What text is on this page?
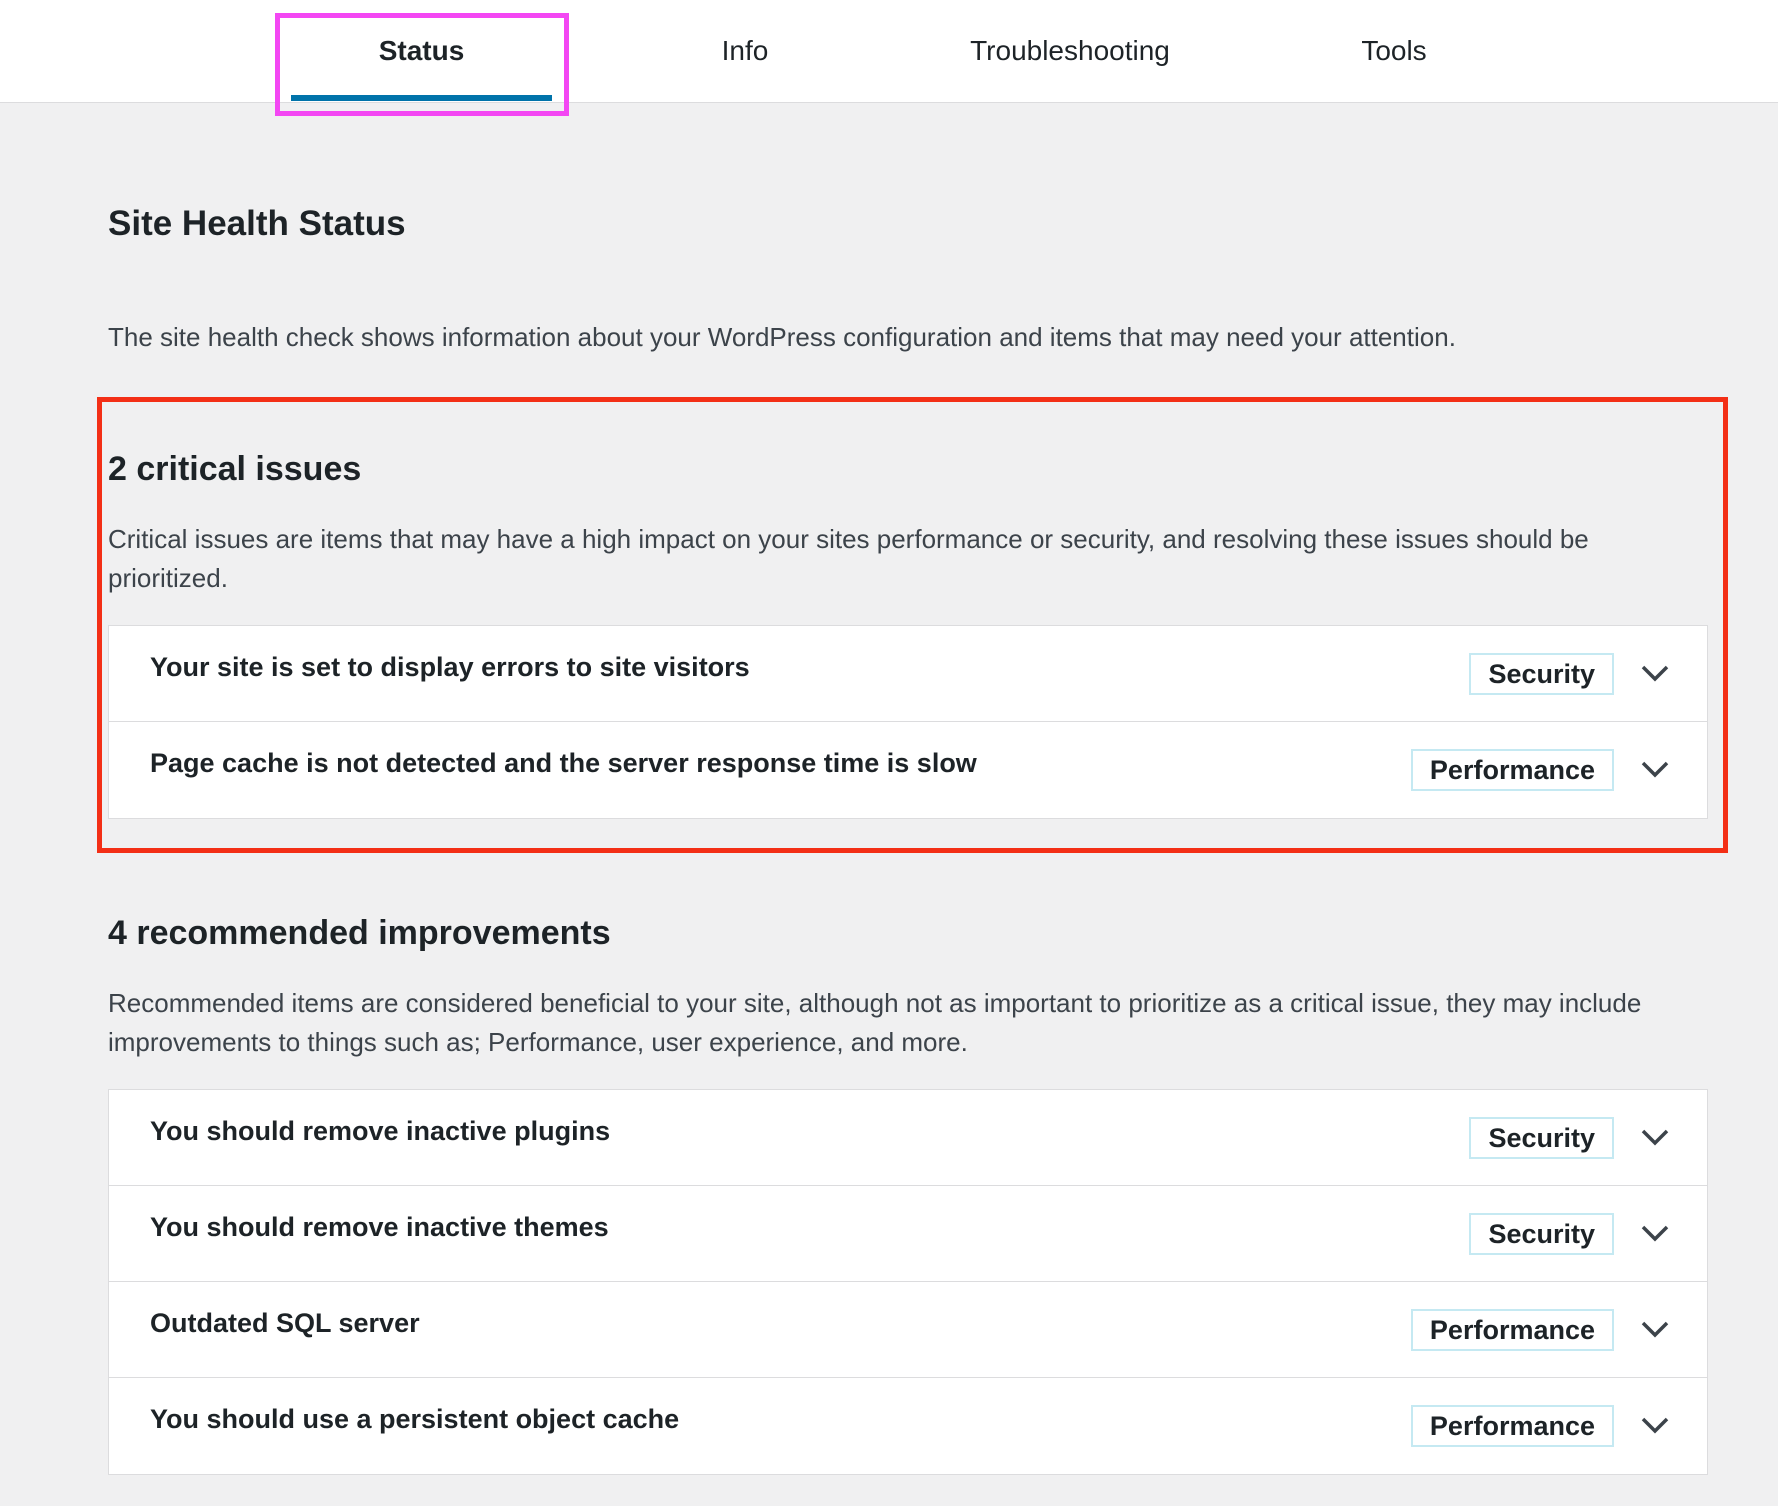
Status	Info	Troubleshooting	Tools
Site Health Status

The site health check shows information about your WordPress configuration and items that may need your attention.

2 critical issues

Critical issues are items that may have a high impact on your sites performance or security, and resolving these issues should be prioritized.

Your site is set to display errors to site visitors	Security
Page cache is not detected and the server response time is slow	Performance
4 recommended improvements

Recommended items are considered beneficial to your site, although not as important to prioritize as a critical issue, they may include improvements to things such as; Performance, user experience, and more.

You should remove inactive plugins	Security
You should remove inactive themes	Security
Outdated SQL server	Performance
You should use a persistent object cache	Performance
